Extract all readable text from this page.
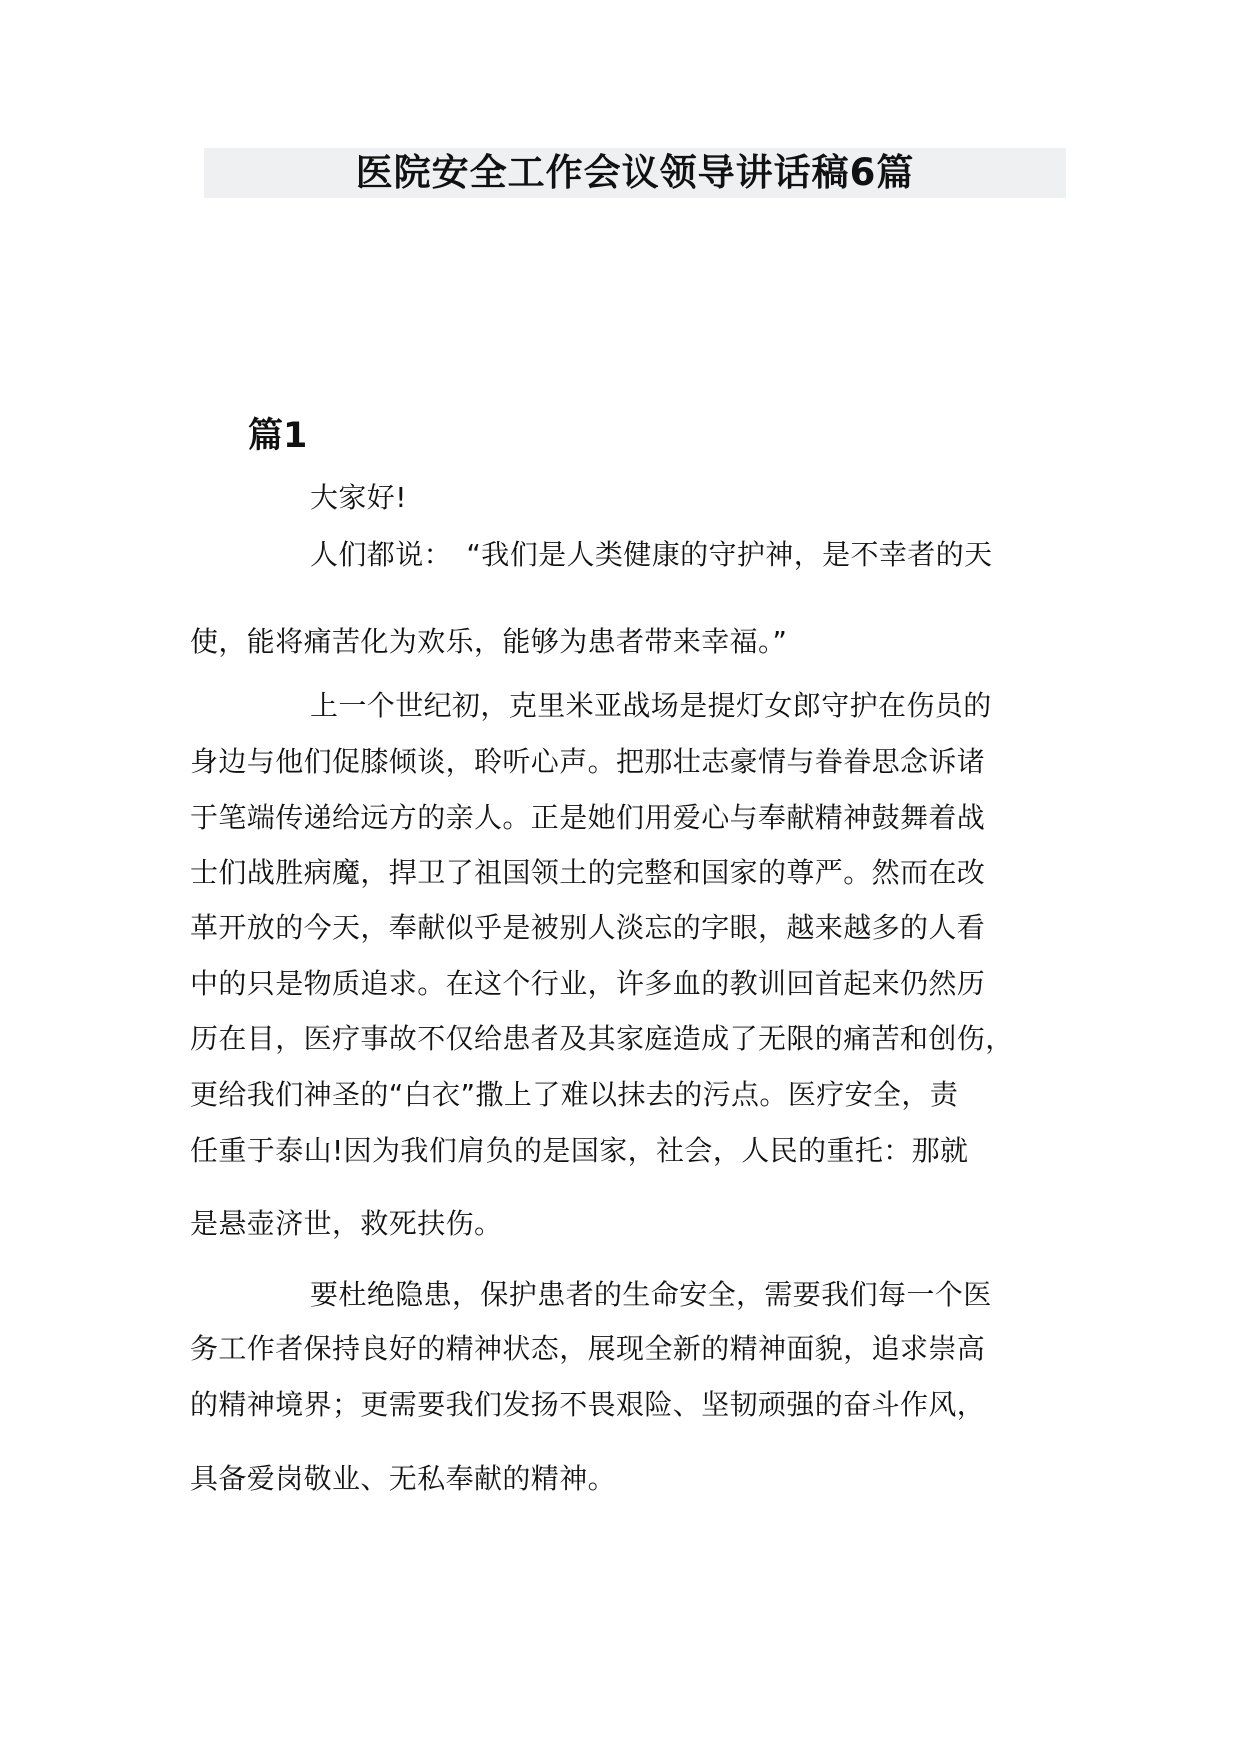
医院安全工作会议领导讲话稿6篇
篇1
大家好!
人们都说：　“我们是人类健康的守护神，是不幸者的天
使，能将痛苦化为欢乐，能够为患者带来幸福。”
上一个世纪初，克里米亚战场是提灯女郎守护在伤员的
身边与他们促膝倾谈，聆听心声。把那壮志豪情与眷眷思念诉诸
于笔端传递给远方的亲人。正是她们用爱心与奉献精神鼓舞着战
士们战胜病魔，捍卫了祖国领土的完整和国家的尊严。然而在改
革开放的今天，奉献似乎是被别人淡忘的字眼，越来越多的人看
中的只是物质追求。在这个行业，许多血的教训回首起来仍然历
历在目，医疗事故不仅给患者及其家庭造成了无限的痛苦和创伤，
更给我们神圣的“白衣”撒上了难以抹去的污点。医疗安全，责
任重于泰山!因为我们肩负的是国家，社会，人民的重托：那就
是悬壶济世，救死扶伤。
要杜绝隐患，保护患者的生命安全，需要我们每一个医
务工作者保持良好的精神状态，展现全新的精神面貌，追求崇高
的精神境界；更需要我们发扬不畏艰险、坚韧顽强的奋斗作风，
具备爱岗敬业、无私奉献的精神。
